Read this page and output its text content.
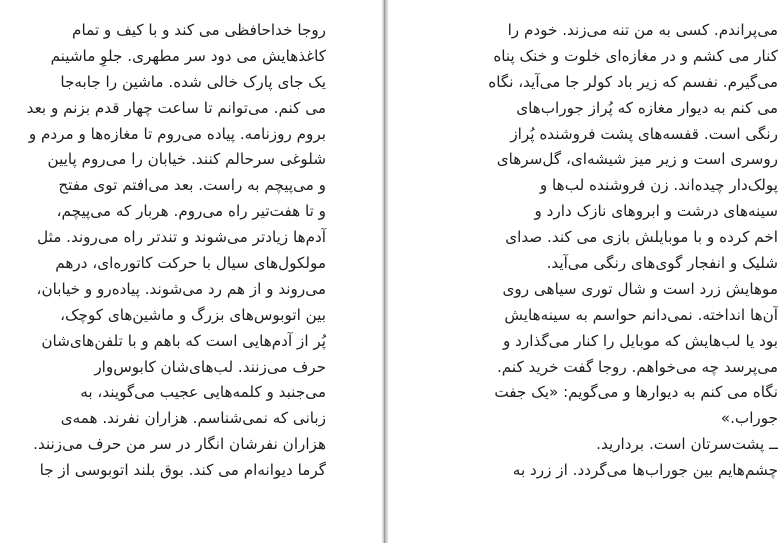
روجا خداحافظی می کند و با کیف و تمام
کاغذهایش می دود سر مطهری. جلوِ ماشینم
یک جای پارک خالی شده. ماشین را جابه‌جا
می کنم. می‌توانم تا ساعت چهار قدم بزنم و بعد
بروم روزنامه. پیاده می‌روم تا مغازه‌ها و مردم و
شلوغی سرحالم کنند. خیابان را می‌روم پایین
و می‌پیچم به راست. بعد می‌افتم توی مفتح
و تا هفت‌تیر راه می‌روم. هربار که می‌پیچم،
آدم‌ها زیادتر می‌شوند و تندتر راه می‌روند. مثل
مولکول‌های سیال با حرکت کاتوره‌ای، درهم
می‌روند و از هم رد می‌شوند. پیاده‌رو و خیابان،
بین اتوبوس‌های بزرگ و ماشین‌های کوچک،
پُر از آدم‌هایی است که باهم و با تلفن‌های‌شان
حرف می‌زنند. لب‌های‌شان کابوس‌وار
می‌جنبد و کلمه‌هایی عجیب می‌گویند، به
زبانی که نمی‌شناسم. هزاران نفرند. همه‌ی
هزاران نفرشان انگار در سر من حرف می‌زنند.
گرما دیوانه‌ام می کند. بوق بلند اتوبوسی از جا
می‌پراندم. کسی به من تنه می‌زند. خودم را
کنار می کشم و در مغازه‌ای خلوت و خنک پناه
می‌گیرم. نفسم که زیر باد کولر جا می‌آید، نگاه
می کنم به دیوار مغازه که پُراز جوراب‌های
رنگی است. قفسه‌های پشت فروشنده پُراز
روسری است و زیر میز شیشه‌ای، گل‌سرهای
پولک‌دار چیده‌اند. زن فروشنده لب‌ها و
سینه‌های درشت و ابروهای نازک دارد و
اخم کرده و با موبایلش بازی می کند. صدای
شلیک و انفجار گوی‌های رنگی می‌آید.
موهایش زرد است و شال توری سیاهی روی
آن‌ها انداخته. نمی‌دانم حواسم به سینه‌هایش
بود یا لب‌هایش که موبایل را کنار می‌گذارد و
می‌پرسد چه می‌خواهم. روجا گفت خرید کنم.
نگاه می کنم به دیوارها و می‌گویم: «یک جفت
جوراب.»
ــ پشت‌سرتان است. بردارید.
چشم‌هایم بین جوراب‌ها می‌گردد. از زرد به
